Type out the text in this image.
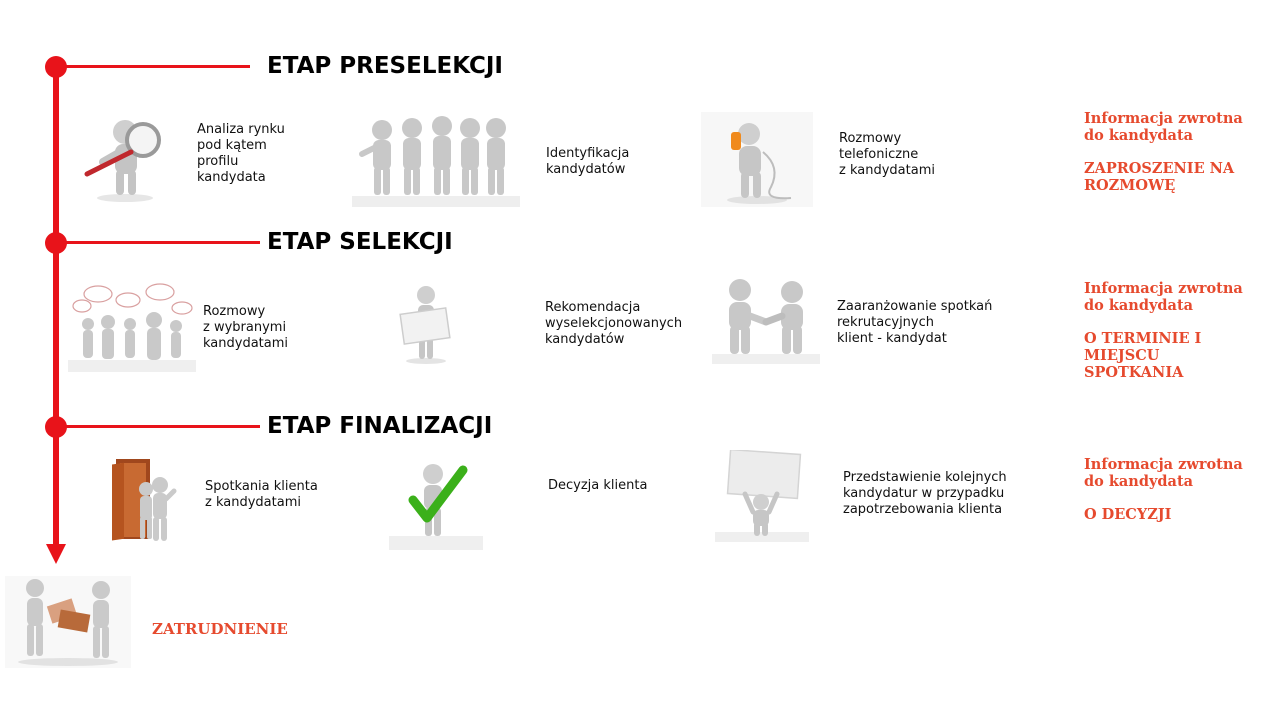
ETAP PRESELEKCJI
ETAP SELEKCJI
ETAP FINALIZACJI
Analiza rynku
pod kątem
profilu
kandydata
Identyfikacja
kandydatów
Rozmowy
telefoniczne
z kandydatami
Informacja zwrotna
do kandydata
ZAPROSZENIE NA
ROZMOWĘ
Rozmowy
z wybranymi
kandydatami
Rekomendacja
wyselekcjonowanych
kandydatów
Zaaranżowanie spotkań
rekrutacyjnych
klient - kandydat
Informacja zwrotna
do kandydata
O TERMINIE I MIEJSCU
SPOTKANIA
Spotkania klienta
z kandydatami
Decyzja klienta
Przedstawienie kolejnych
kandydatur w przypadku
zapotrzebowania klienta
Informacja zwrotna
do kandydata
O DECYZJI
ZATRUDNIENIE
